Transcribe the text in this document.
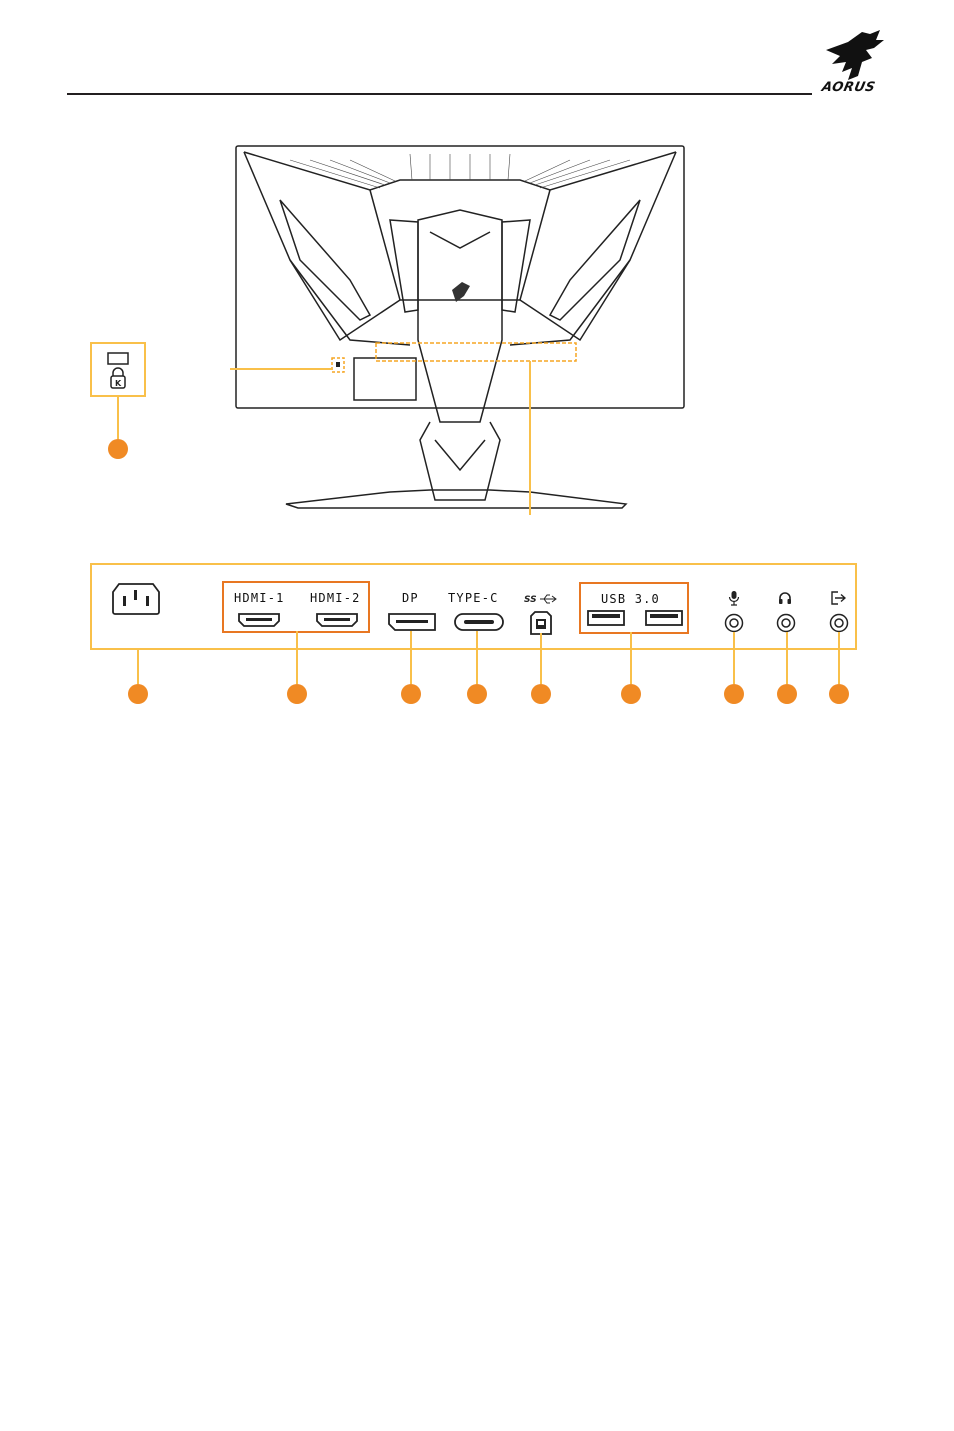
AORUS
K
HDMI-1 HDMI-2	DP TYPE-C	SS	USB 3.0
